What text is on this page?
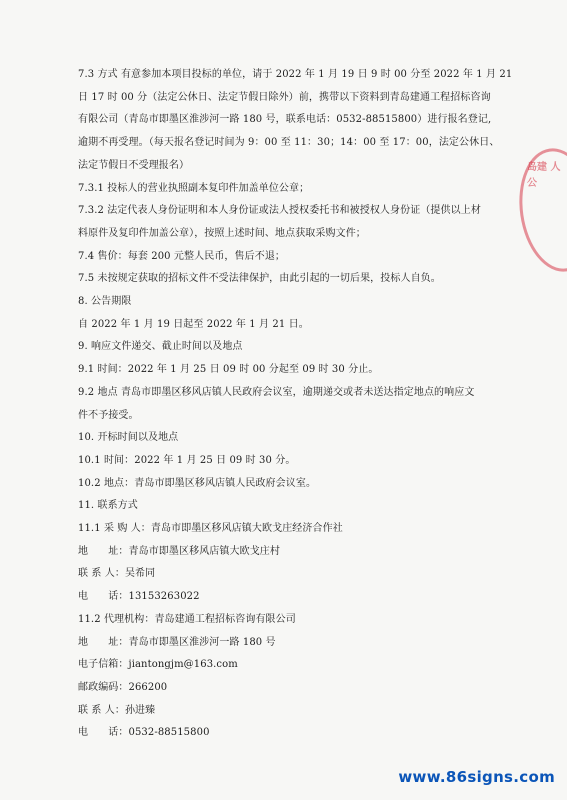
7.3 方式 有意参加本项目投标的单位，请于 2022 年 1 月 19 日 9 时 00 分至 2022 年 1 月 21
日 17 时 00 分（法定公休日、法定节假日除外）前，携带以下资料到青岛建通工程招标咨询
有限公司（青岛市即墨区淮涉河一路 180 号，联系电话：0532-88515800）进行报名登记,
逾期不再受理。（每天报名登记时间为 9：00 至 11：30；14：00 至 17：00，法定公休日、
法定节假日不受理报名）
7.3.1 投标人的营业执照副本复印件加盖单位公章；
7.3.2 法定代表人身份证明和本人身份证或法人授权委托书和被授权人身份证（提供以上材
料原件及复印件加盖公章），按照上述时间、地点获取采购文件；
7.4 售价：每套 200 元整人民币，售后不退；
7.5 未按规定获取的招标文件不受法律保护，由此引起的一切后果，投标人自负。
8. 公告期限
自 2022 年 1 月 19 日起至 2022 年 1 月 21 日。
9. 响应文件递交、截止时间以及地点
9.1 时间：2022 年 1 月 25 日 09 时 00 分起至 09 时 30 分止。
9.2 地点 青岛市即墨区移风店镇人民政府会议室，逾期递交或者未送达指定地点的响应文
件不予接受。
10. 开标时间以及地点
10.1 时间：2022 年 1 月 25 日 09 时 30 分。
10.2 地点：青岛市即墨区移风店镇人民政府会议室。
11. 联系方式
11.1 采 购 人：青岛市即墨区移风店镇大欧戈庄经济合作社
地　　址：青岛市即墨区移风店镇大欧戈庄村
联 系 人：吴希同
电　　话：13153263022
11.2 代理机构：青岛建通工程招标咨询有限公司
地　　址：青岛市即墨区淮涉河一路 180 号
电子信箱：jiantongjm@163.com
邮政编码：266200
联 系 人：孙进臻
电　　话：0532-88515800
岛建 人 公
www.86signs.com
